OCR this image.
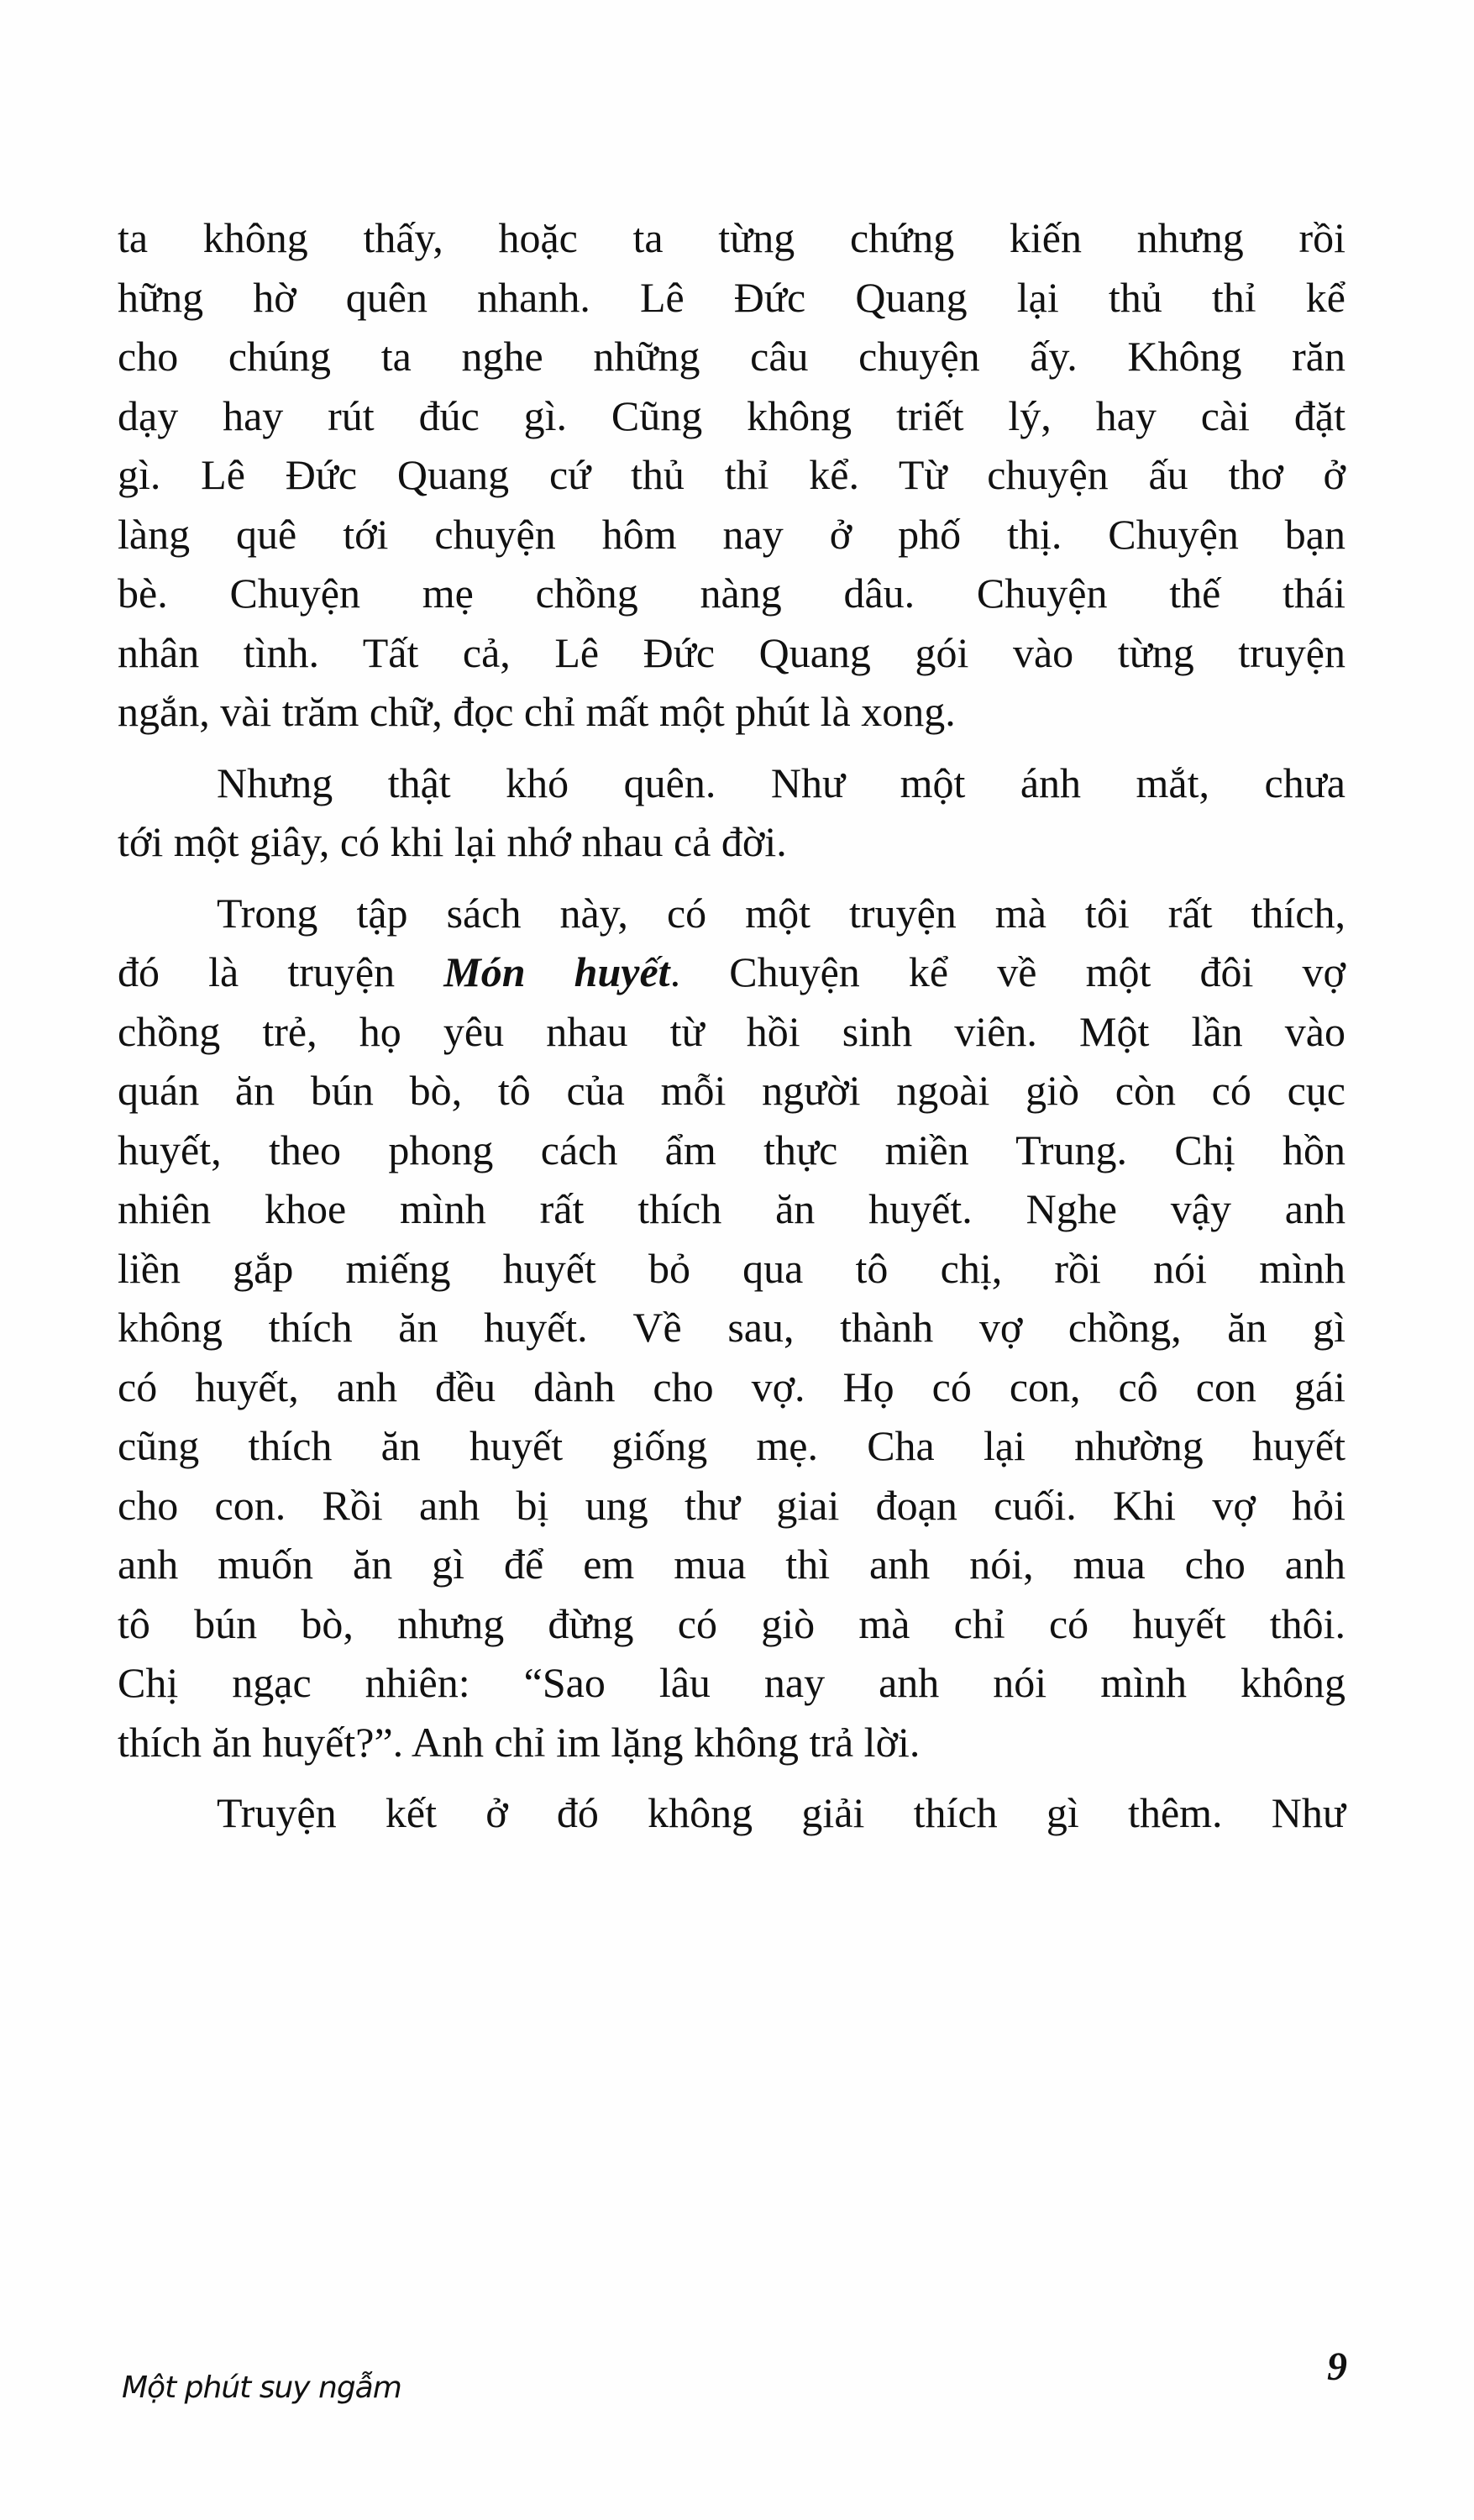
ta không thấy, hoặc ta từng chứng kiến nhưng rồi
hững hờ quên nhanh. Lê Đức Quang lại thủ thỉ kể
cho chúng ta nghe những câu chuyện ấy. Không răn
dạy hay rút đúc gì. Cũng không triết lý, hay cài đặt
gì. Lê Đức Quang cứ thủ thỉ kể. Từ chuyện ấu thơ ở
làng quê tới chuyện hôm nay ở phố thị. Chuyện bạn
bè. Chuyện mẹ chồng nàng dâu. Chuyện thế thái
nhân tình. Tất cả, Lê Đức Quang gói vào từng truyện
ngắn, vài trăm chữ, đọc chỉ mất một phút là xong.

Nhưng thật khó quên. Như một ánh mắt, chưa
tới một giây, có khi lại nhớ nhau cả đời.

Trong tập sách này, có một truyện mà tôi rất thích,
đó là truyện Món huyết. Chuyện kể về một đôi vợ
chồng trẻ, họ yêu nhau từ hồi sinh viên. Một lần vào
quán ăn bún bò, tô của mỗi người ngoài giò còn có cục
huyết, theo phong cách ẩm thực miền Trung. Chị hồn
nhiên khoe mình rất thích ăn huyết. Nghe vậy anh
liền gắp miếng huyết bỏ qua tô chị, rồi nói mình
không thích ăn huyết. Về sau, thành vợ chồng, ăn gì
có huyết, anh đều dành cho vợ. Họ có con, cô con gái
cũng thích ăn huyết giống mẹ. Cha lại nhường huyết
cho con. Rồi anh bị ung thư giai đoạn cuối. Khi vợ hỏi
anh muốn ăn gì để em mua thì anh nói, mua cho anh
tô bún bò, nhưng đừng có giò mà chỉ có huyết thôi.
Chị ngạc nhiên: “Sao lâu nay anh nói mình không
thích ăn huyết?”. Anh chỉ im lặng không trả lời.

Truyện kết ở đó không giải thích gì thêm. Như

Một phút suy ngẫm	9
